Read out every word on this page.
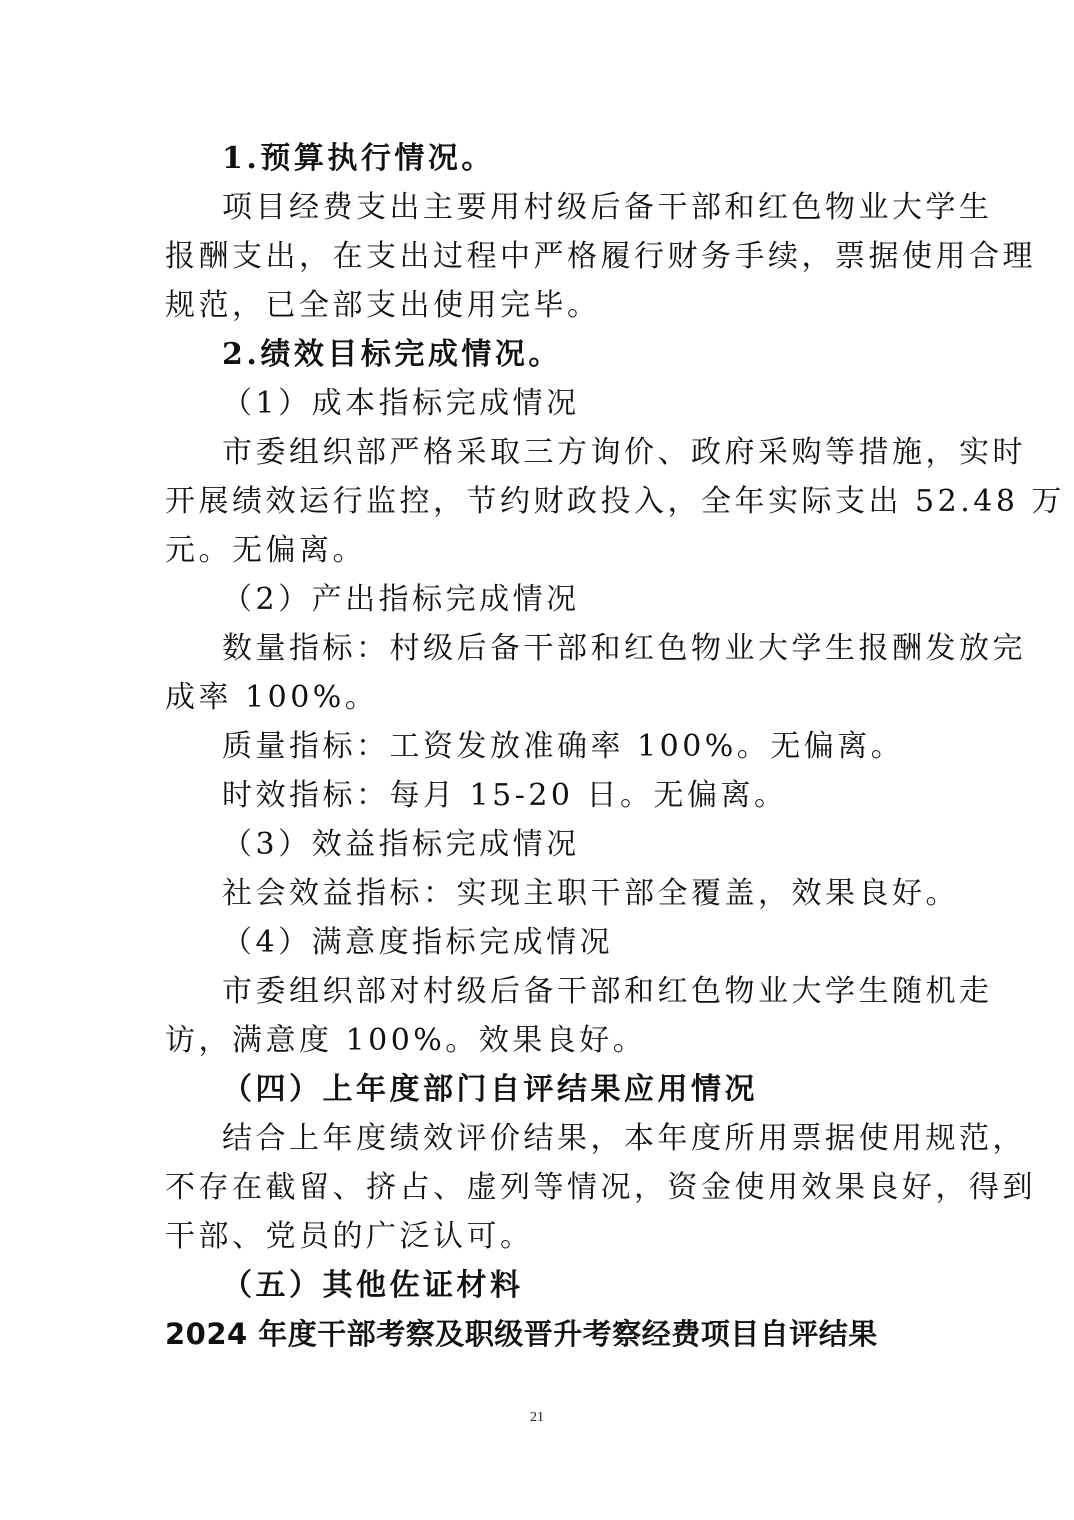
1.预算执行情况。
项目经费支出主要用村级后备干部和红色物业大学生
报酬支出，在支出过程中严格履行财务手续，票据使用合理
规范，已全部支出使用完毕。
2.绩效目标完成情况。
（1）成本指标完成情况
市委组织部严格采取三方询价、政府采购等措施，实时
开展绩效运行监控，节约财政投入，全年实际支出 52.48 万
元。无偏离。
（2）产出指标完成情况
数量指标：村级后备干部和红色物业大学生报酬发放完
成率 100%。
质量指标：工资发放准确率 100%。无偏离。
时效指标：每月 15-20 日。无偏离。
（3）效益指标完成情况
社会效益指标：实现主职干部全覆盖，效果良好。
（4）满意度指标完成情况
市委组织部对村级后备干部和红色物业大学生随机走
访，满意度 100%。效果良好。
（四）上年度部门自评结果应用情况
结合上年度绩效评价结果，本年度所用票据使用规范，
不存在截留、挤占、虚列等情况，资金使用效果良好，得到
干部、党员的广泛认可。
（五）其他佐证材料
2024 年度干部考察及职级晋升考察经费项目自评结果
21
